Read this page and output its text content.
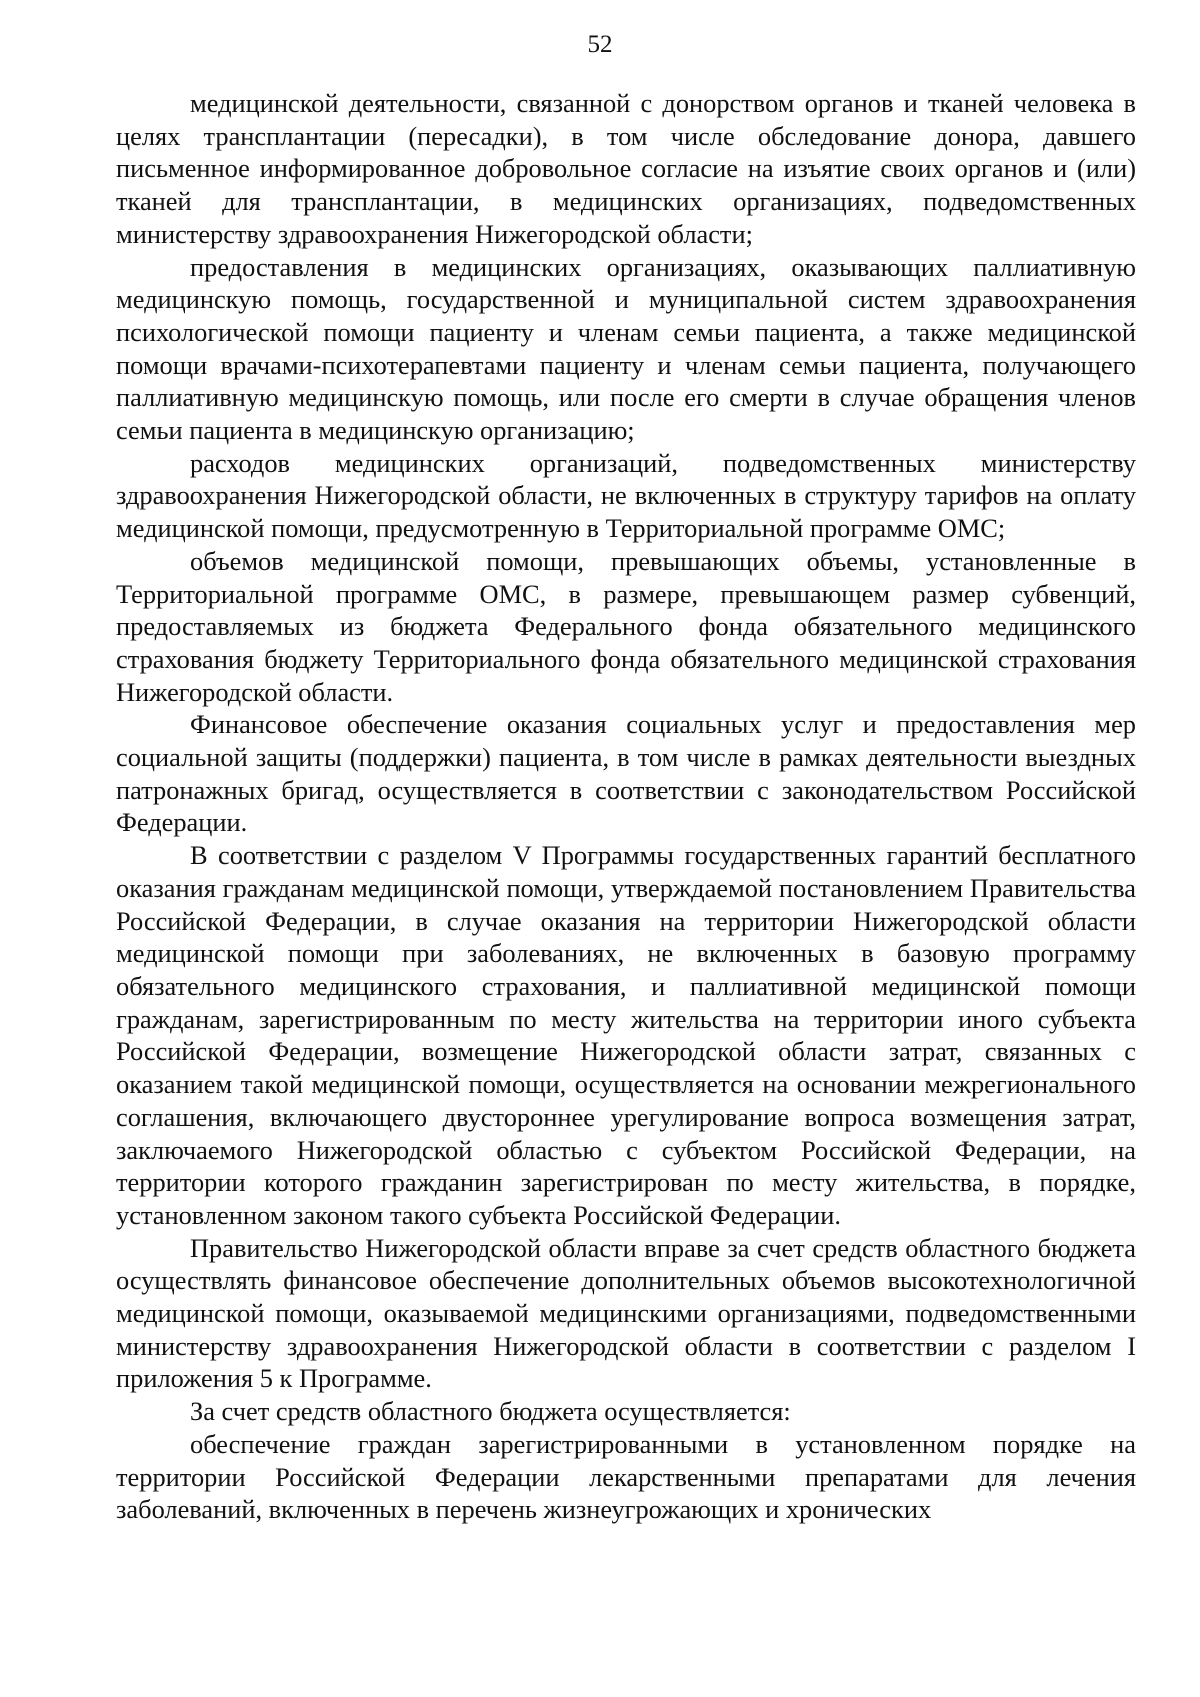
52

медицинской деятельности, связанной с донорством органов и тканей человека в целях трансплантации (пересадки), в том числе обследование донора, давшего письменное информированное добровольное согласие на изъятие своих органов и (или) тканей для трансплантации, в медицинских организациях, подведомственных министерству здравоохранения Нижегородской области;

предоставления в медицинских организациях, оказывающих паллиативную медицинскую помощь, государственной и муниципальной систем здравоохранения психологической помощи пациенту и членам семьи пациента, а также медицинской помощи врачами-психотерапевтами пациенту и членам семьи пациента, получающего паллиативную медицинскую помощь, или после его смерти в случае обращения членов семьи пациента в медицинскую организацию;

расходов медицинских организаций, подведомственных министерству здравоохранения Нижегородской области, не включенных в структуру тарифов на оплату медицинской помощи, предусмотренную в Территориальной программе ОМС;

объемов медицинской помощи, превышающих объемы, установленные в Территориальной программе ОМС, в размере, превышающем размер субвенций, предоставляемых из бюджета Федерального фонда обязательного медицинского страхования бюджету Территориального фонда обязательного медицинской страхования Нижегородской области.

Финансовое обеспечение оказания социальных услуг и предоставления мер социальной защиты (поддержки) пациента, в том числе в рамках деятельности выездных патронажных бригад, осуществляется в соответствии с законодательством Российской Федерации.

В соответствии с разделом V Программы государственных гарантий бесплатного оказания гражданам медицинской помощи, утверждаемой постановлением Правительства Российской Федерации, в случае оказания на территории Нижегородской области медицинской помощи при заболеваниях, не включенных в базовую программу обязательного медицинского страхования, и паллиативной медицинской помощи гражданам, зарегистрированным по месту жительства на территории иного субъекта Российской Федерации, возмещение Нижегородской области затрат, связанных с оказанием такой медицинской помощи, осуществляется на основании межрегионального соглашения, включающего двустороннее урегулирование вопроса возмещения затрат, заключаемого Нижегородской областью с субъектом Российской Федерации, на территории которого гражданин зарегистрирован по месту жительства, в порядке, установленном законом такого субъекта Российской Федерации.

Правительство Нижегородской области вправе за счет средств областного бюджета осуществлять финансовое обеспечение дополнительных объемов высокотехнологичной медицинской помощи, оказываемой медицинскими организациями, подведомственными министерству здравоохранения Нижегородской области в соответствии с разделом I приложения 5 к Программе.

За счет средств областного бюджета осуществляется:

обеспечение граждан зарегистрированными в установленном порядке на территории Российской Федерации лекарственными препаратами для лечения заболеваний, включенных в перечень жизнеугрожающих и хронических
